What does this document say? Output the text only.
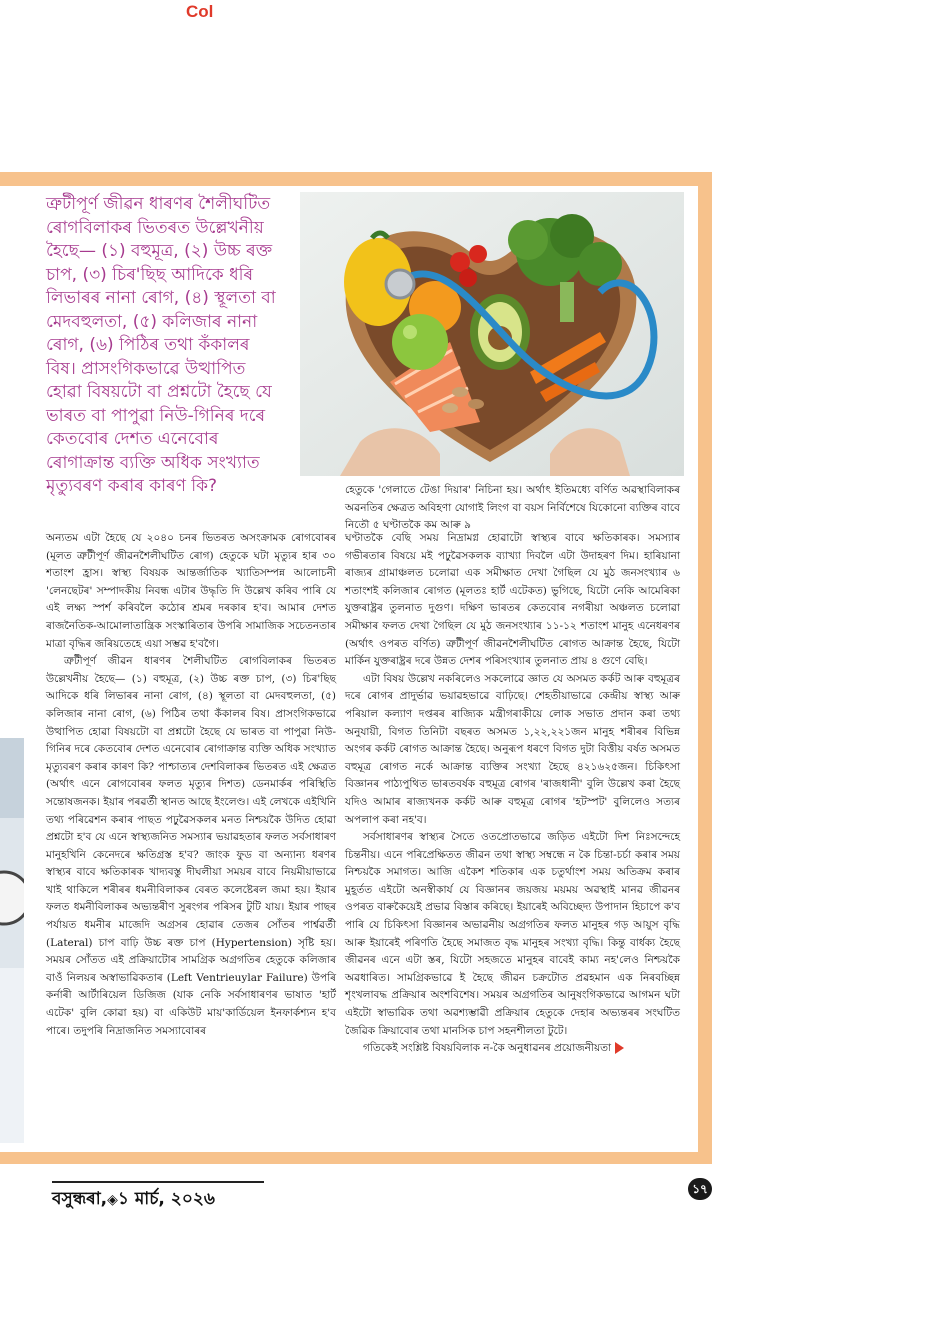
Col
ত্ৰুটীপূৰ্ণ জীৱন ধাৰণৰ শৈলীঘটিত
ৰোগবিলাকৰ ভিতৰত উল্লেখনীয়
হৈছে— (১) বহুমূত্ৰ, (২) উচ্চ ৰক্ত
চাপ, (৩) চিৰ'ছিছ আদিকে ধৰি
লিভাৰৰ নানা ৰোগ, (৪) স্থূলতা বা
মেদবহুলতা, (৫) কলিজাৰ নানা
ৰোগ, (৬) পিঠিৰ তথা কঁকালৰ
বিষ। প্ৰাসংগিকভাৱে উত্থাপিত
হোৱা বিষয়টো বা প্ৰশ্নটো হৈছে যে
ভাৰত বা পাপুৱা নিউ-গিনিৰ দৰে
কেতবোৰ দেশত এনেবোৰ
ৰোগাক্ৰান্ত ব্যক্তি অধিক সংখ্যাত
মৃত্যুবৰণ কৰাৰ কাৰণ কি?	হেতুকে 'গেলাতে টেঙা দিয়াৰ' নিচিনা হয়। অৰ্থাৎ ইতিমধ্যে বৰ্ণিত অৱস্থাবিলাকৰ অৱনতিৰ ক্ষেত্ৰত অবিহণা যোগাই লিংগ বা বয়স নিৰ্বিশেষে যিকোনো ব্যক্তিৰ বাবে নিতৌ ৫ ঘণ্টাতকৈ কম আৰু ৯

অন্যতম এটা হৈছে যে ২০৪০ চনৰ ভিতৰত অসংক্ৰামক ৰোগবোৰৰ (মূলত ত্ৰুটীপূৰ্ণ জীৱনশৈলীঘটিত ৰোগ) হেতুকে ঘটা মৃত্যুৰ হাৰ ৩০ শতাংশ হ্ৰাস। স্বাস্থ্য বিষয়ক আন্তৰ্জাতিক খ্যাতিসম্পন্ন আলোচনী 'লেনছেটৰ' সম্পাদকীয় নিবন্ধ এটাৰ উদ্ধৃতি দি উল্লেখ কৰিব পাৰি যে এই লক্ষ্য স্পৰ্শ কৰিবলৈ কঠোৰ শ্ৰমৰ দৰকাৰ হ'ব। আমাৰ দেশত ৰাজনৈতিক-আমোলাতান্ত্ৰিক সংস্কাৰিতাৰ উপৰি সামাজিক সচেতনতাৰ মাত্ৰা বৃদ্ধিৰ জৰিয়তেহে এয়া সম্ভৱ হ'বগৈ।

ত্ৰুটীপূৰ্ণ জীৱন ধাৰণৰ শৈলীঘটিত ৰোগবিলাকৰ ভিতৰত উল্লেখনীয় হৈছে— (১) বহুমূত্ৰ, (২) উচ্চ ৰক্ত চাপ, (৩) চিৰ'ছিছ আদিকে ধৰি লিভাৰৰ নানা ৰোগ, (৪) স্থূলতা বা মেদবহুলতা, (৫) কলিজাৰ নানা ৰোগ, (৬) পিঠিৰ তথা কঁকালৰ বিষ। প্ৰাসংগিকভাৱে উত্থাপিত হোৱা বিষয়টো বা প্ৰশ্নটো হৈছে যে ভাৰত বা পাপুৱা নিউ-গিনিৰ দৰে কেতবোৰ দেশত এনেবোৰ ৰোগাক্ৰান্ত ব্যক্তি অধিক সংখ্যাত মৃত্যুবৰণ কৰাৰ কাৰণ কি? পাশ্চাত্যৰ দেশবিলাকৰ ভিতৰত এই ক্ষেত্ৰত (অৰ্থাৎ এনে ৰোগবোৰৰ ফলত মৃত্যুৰ দিশত) ডেনমাৰ্কৰ পৰিস্থিতি সন্তোষজনক। ইয়াৰ পৰৱৰ্তী স্থানত আছে ইংলেণ্ড। এই লেখকে এইখিনি তথ্য পৰিৱেশন কৰাৰ পাছত পঢ়ুৱৈসকলৰ মনত নিশ্চয়কৈ উদিত হোৱা প্ৰশ্নটো হ'ব যে এনে স্বাস্থ্যজনিত সমস্যাৰ ভয়াৱহতাৰ ফলত সৰ্বসাধাৰণ মানুহখিনি কেনেদৰে ক্ষতিগ্ৰস্ত হ'ব? জাংক ফুড বা অন্যান্য ধৰণৰ স্বাস্থ্যৰ বাবে ক্ষতিকাৰক খাদ্যবস্তু দীঘলীয়া সময়ৰ বাবে নিয়মীয়াভাৱে খাই থাকিলে শৰীৰৰ ধমনীবিলাকৰ বেৰত কলেষ্টেৰল জমা হয়। ইয়াৰ ফলত ধমনীবিলাকৰ অভ্যন্তৰীণ সুৰংগৰ পৰিসৰ টুটি যায়। ইয়াৰ পাছৰ পৰ্যায়ত ধমনীৰ মাজেদি অগ্ৰসৰ হোৱাৰ তেজৰ সোঁতৰ পাৰ্শ্বৱৰ্তী (Lateral) চাপ বাঢ়ি উচ্চ ৰক্ত চাপ (Hypertension) সৃষ্টি হয়। সময়ৰ সোঁতত এই প্ৰক্ৰিয়াটোৰ সামগ্ৰিক অগ্ৰগতিৰ হেতুকে কলিজাৰ বাওঁ নিলয়ৰ অস্বাভাৱিকতাৰ (Left Ventrieuylar Failure) উপৰি কৰ্নাৰী আৰ্টাৰিয়েল ডিজিজ (যাক নেকি সৰ্বসাধাৰণৰ ভাষাত 'হাৰ্ট এটেক' বুলি কোৱা হয়) বা একিউট মায়'কাৰ্ডিয়েল ইনফাৰ্কশ্যন হ'ব পাৰে। তদুপৰি নিদ্ৰাজনিত সমস্যাবোৰৰ

ঘণ্টাতকৈ বেছি সময় নিদ্ৰামগ্ন হোৱাটো স্বাস্থ্যৰ বাবে ক্ষতিকাৰক। সমস্যাৰ গভীৰতাৰ বিষয়ে মই পঢ়ুৱৈসকলক ব্যাখ্যা দিবলৈ এটা উদাহৰণ দিম। হাৰিয়ানা ৰাজ্যৰ গ্ৰামাঞ্চলত চলোৱা এক সমীক্ষাত দেখা গৈছিল যে মুঠ জনসংখ্যাৰ ৬ শতাংশই কলিজাৰ ৰোগত (মূলতঃ হাৰ্ট এটেকত) ভুগিছে, যিটো নেকি আমেৰিকা যুক্তৰাষ্ট্ৰৰ তুলনাত দুগুণ। দক্ষিণ ভাৰতৰ কেতবোৰ নগৰীয়া অঞ্চলত চলোৱা সমীক্ষাৰ ফলত দেখা গৈছিল যে মুঠ জনসংখ্যাৰ ১১-১২ শতাংশ মানুহ এনেধৰণৰ (অৰ্থাৎ ওপৰত বৰ্ণিত) ত্ৰুটীপূৰ্ণ জীৱনশৈলীঘটিত ৰোগত আক্ৰান্ত হৈছে, যিটো মাৰ্কিন যুক্তৰাষ্ট্ৰৰ দৰে উন্নত দেশৰ পৰিসংখ্যাৰ তুলনাত প্ৰায় ৪ গুণে বেছি।

এটা বিষয় উল্লেখ নকৰিলেও সকলোৱে জ্ঞাত যে অসমত কৰ্কট আৰু বহুমূত্ৰৰ দৰে ৰোগৰ প্ৰাদুৰ্ভাৱ ভয়াৱহভাৱে বাঢ়িছে। শেহতীয়াভাৱে কেন্দ্ৰীয় স্বাস্থ্য আৰু পৰিয়াল কল্যাণ দপ্তৰৰ ৰাজ্যিক মন্ত্ৰীগৰাকীয়ে লোক সভাত প্ৰদান কৰা তথ্য অনুযায়ী, বিগত তিনিটা বছৰত অসমত ১,২২,২২১জন মানুহ শৰীৰৰ বিভিন্ন অংগৰ কৰ্কট ৰোগত আক্ৰান্ত হৈছে। অনুৰূপ ধৰণে বিগত দুটা বিত্তীয় বৰ্ষত অসমত বহুমূত্ৰ ৰোগত নৰ্কে আক্ৰান্ত ব্যক্তিৰ সংখ্যা হৈছে ৪২১৬২৫জন। চিকিৎসা বিজ্ঞানৰ পাঠ্যপুথিত ভাৰতবৰ্ষক বহুমূত্ৰ ৰোগৰ 'ৰাজধানী' বুলি উল্লেখ কৰা হৈছে যদিও আমাৰ ৰাজ্যখনক কৰ্কট আৰু বহুমূত্ৰ ৰোগৰ 'হটস্পট' বুলিলেও সত্যৰ অপলাপ কৰা নহ'ব।

সৰ্বসাধাৰণৰ স্বাস্থ্যৰ সৈতে ওতপ্ৰোতভাৱে জড়িত এইটো দিশ নিঃসন্দেহে চিন্তনীয়। এনে পৰিপ্ৰেক্ষিতত জীৱন তথা স্বাস্থ্য সম্বন্ধে ন কৈ চিন্তা-চৰ্চা কৰাৰ সময় নিশ্চয়কৈ সমাগত। আজি একৈশ শতিকাৰ এক চতুৰ্থাংশ সময় অতিক্ৰম কৰাৰ মুহূৰ্তত এইটো অনস্বীকাৰ্য যে বিজ্ঞানৰ জয়জয় ময়ময় অৱস্থাই মানৱ জীৱনৰ ওপৰত বাৰুকৈয়েই প্ৰভাৱ বিস্তাৰ কৰিছে। ইয়াৰেই অবিচ্ছেদ্য উপাদান হিচাপে ক'ব পাৰি যে চিকিৎসা বিজ্ঞানৰ অভাৱনীয় অগ্ৰগতিৰ ফলত মানুহৰ গড় আয়ুস বৃদ্ধি আৰু ইয়াৰেই পৰিণতি হৈছে সমাজত বৃদ্ধ মানুহৰ সংখ্যা বৃদ্ধি। কিন্তু বাৰ্ধক্য হৈছে জীৱনৰ এনে এটা স্তৰ, যিটো সহজতে মানুহৰ বাবেই কাম্য নহ'লেও নিশ্চয়কৈ অৱধাৰিত। সামগ্ৰিকভাৱে ই হৈছে জীৱন চক্ৰটোত প্ৰৱহমান এক নিৰবচ্ছিন্ন শৃংখলাবদ্ধ প্ৰক্ৰিয়াৰ অংশবিশেষ। সময়ৰ অগ্ৰগতিৰ আনুষংগিকভাৱে আগমন ঘটা এইটো স্বাভাৱিক তথা অৱশ্যম্ভাৱী প্ৰক্ৰিয়াৰ হেতুকে দেহাৰ অভ্যন্তৰৰ সংঘটিত জৈৱিক ক্ৰিয়াবোৰ তথা মানসিক চাপ সহনশীলতা টুটে।

গতিকেই সংশ্লিষ্ট বিষয়বিলাক ন-কৈ অনুধাৱনৰ প্ৰয়োজনীয়তা

বসুন্ধৰা,◈১ মাৰ্চ, ২০২৬	১৭
